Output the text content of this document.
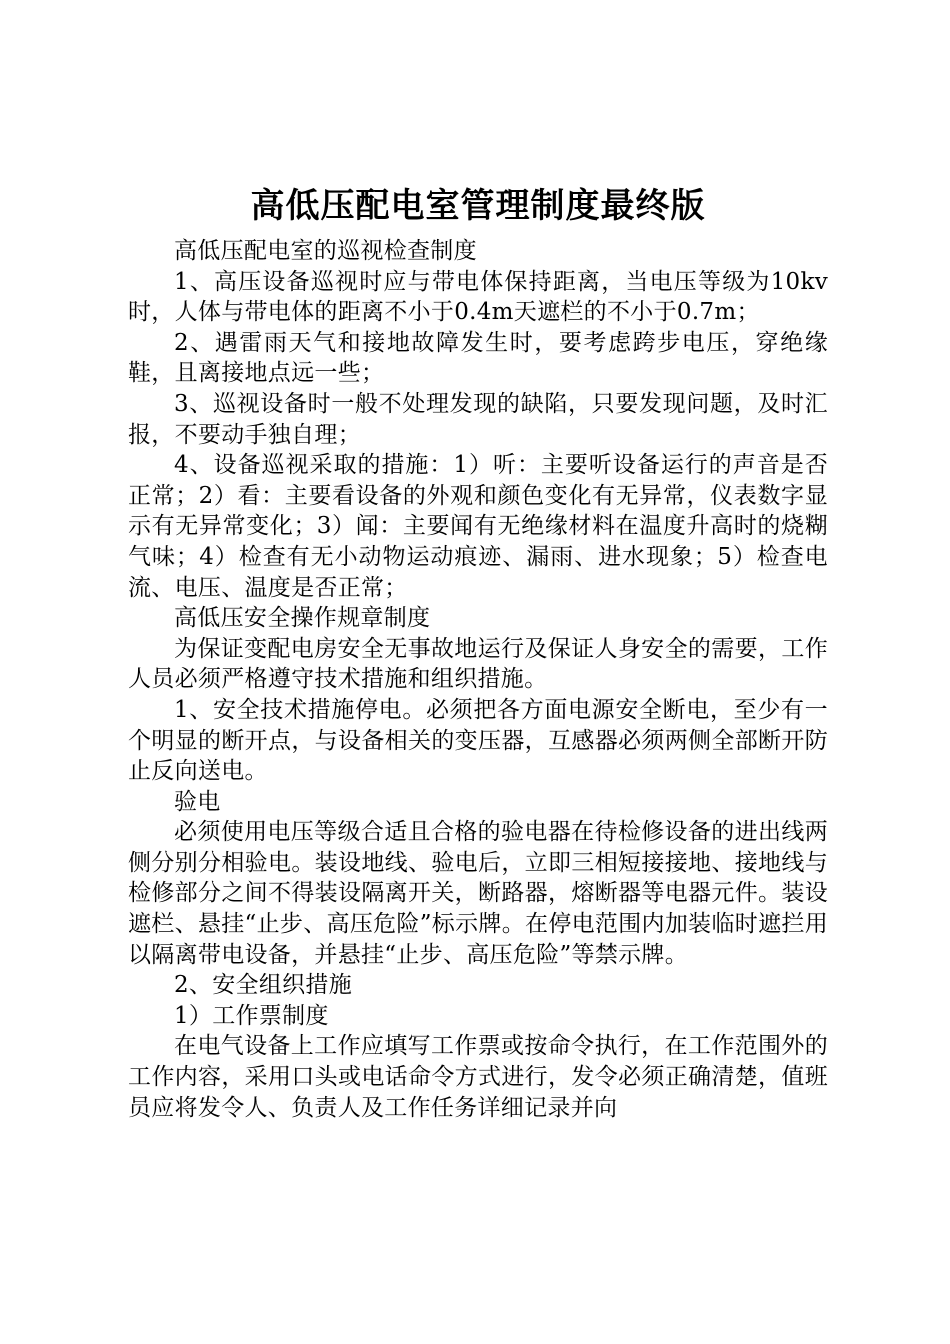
高低压配电室管理制度最终版

高低压配电室的巡视检查制度

1、高压设备巡视时应与带电体保持距离，当电压等级为10kv时，人体与带电体的距离不小于0.4m天遮栏的不小于0.7m；

2、遇雷雨天气和接地故障发生时，要考虑跨步电压，穿绝缘鞋，且离接地点远一些；

3、巡视设备时一般不处理发现的缺陷，只要发现问题，及时汇报，不要动手独自理；

4、设备巡视采取的措施：1）听：主要听设备运行的声音是否正常；2）看：主要看设备的外观和颜色变化有无异常，仪表数字显示有无异常变化；3）闻：主要闻有无绝缘材料在温度升高时的烧糊气味；4）检查有无小动物运动痕迹、漏雨、进水现象；5）检查电流、电压、温度是否正常；

高低压安全操作规章制度

为保证变配电房安全无事故地运行及保证人身安全的需要，工作人员必须严格遵守技术措施和组织措施。

1、安全技术措施停电。必须把各方面电源安全断电，至少有一个明显的断开点，与设备相关的变压器，互感器必须两侧全部断开防止反向送电。

验电

必须使用电压等级合适且合格的验电器在待检修设备的进出线两侧分别分相验电。装设地线、验电后，立即三相短接接地、接地线与检修部分之间不得装设隔离开关，断路器，熔断器等电器元件。装设遮栏、悬挂“止步、高压危险”标示牌。在停电范围内加装临时遮拦用以隔离带电设备，并悬挂“止步、高压危险”等禁示牌。

2、安全组织措施

1）工作票制度

在电气设备上工作应填写工作票或按命令执行，在工作范围外的工作内容，采用口头或电话命令方式进行，发令必须正确清楚，值班员应将发令人、负责人及工作任务详细记录并向
